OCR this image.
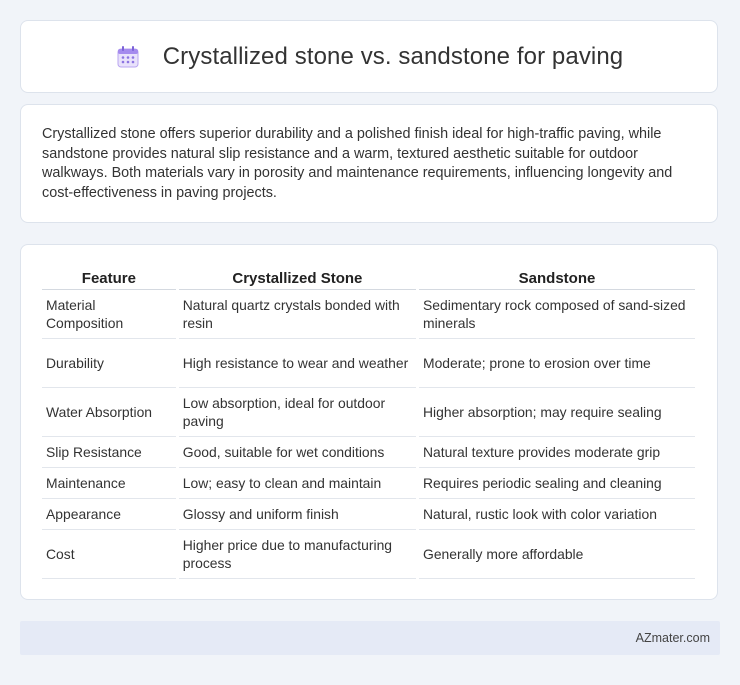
Crystallized stone vs. sandstone for paving

Crystallized stone offers superior durability and a polished finish ideal for high-traffic paving, while sandstone provides natural slip resistance and a warm, textured aesthetic suitable for outdoor walkways. Both materials vary in porosity and maintenance requirements, influencing longevity and cost-effectiveness in paving projects.

Feature	Crystallized Stone	Sandstone
Material Composition	Natural quartz crystals bonded with resin	Sedimentary rock composed of sand-sized minerals
Durability	High resistance to wear and weather	Moderate; prone to erosion over time
Water Absorption	Low absorption, ideal for outdoor paving	Higher absorption; may require sealing
Slip Resistance	Good, suitable for wet conditions	Natural texture provides moderate grip
Maintenance	Low; easy to clean and maintain	Requires periodic sealing and cleaning
Appearance	Glossy and uniform finish	Natural, rustic look with color variation
Cost	Higher price due to manufacturing process	Generally more affordable
AZmater.com
